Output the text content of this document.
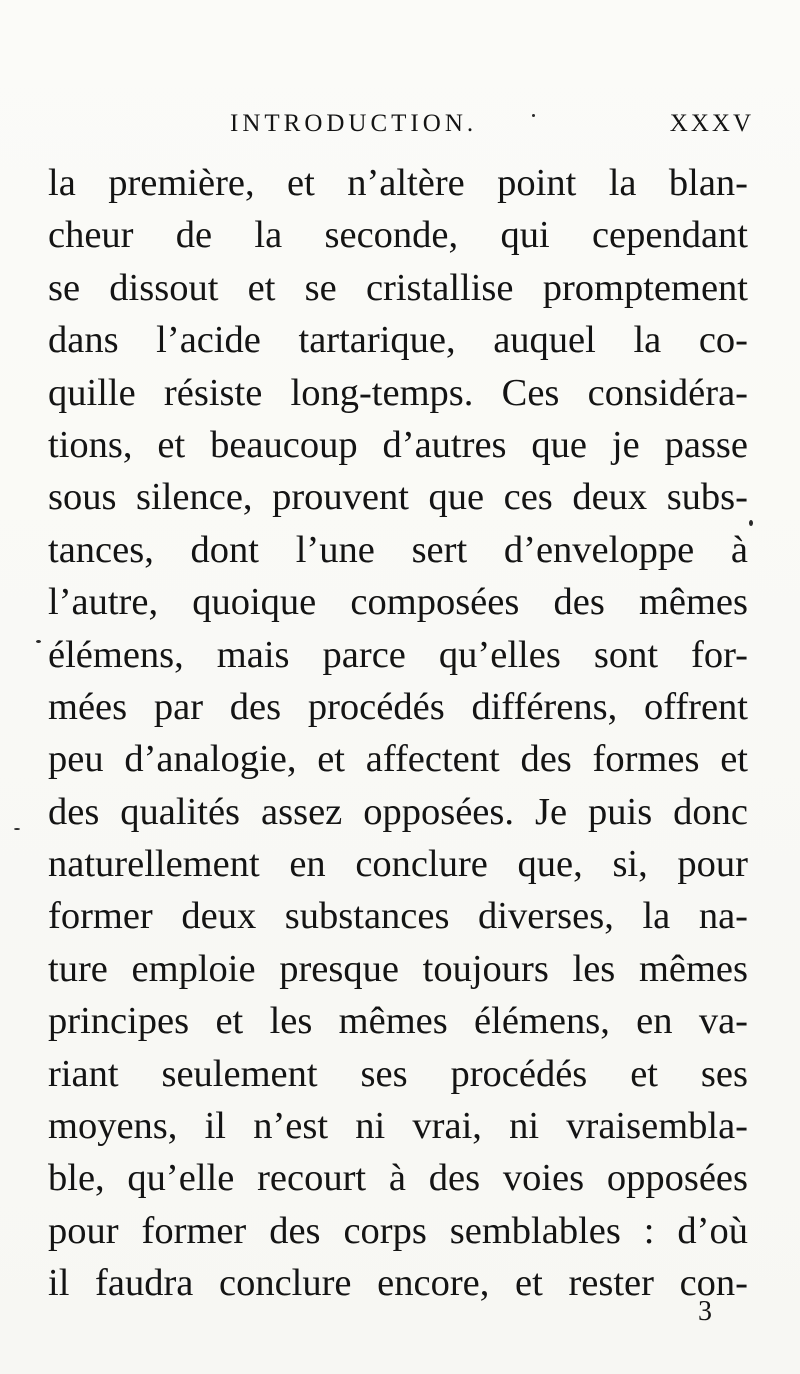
INTRODUCTION.	XXXV
la première, et n’altère point la blan-
cheur de la seconde, qui cependant
se dissout et se cristallise promptement
dans l’acide tartarique, auquel la co-
quille résiste long-temps. Ces considéra-
tions, et beaucoup d’autres que je passe
sous silence, prouvent que ces deux subs-
tances, dont l’une sert d’enveloppe à
l’autre, quoique composées des mêmes
élémens, mais parce qu’elles sont for-
mées par des procédés différens, offrent
peu d’analogie, et affectent des formes et
des qualités assez opposées. Je puis donc
naturellement en conclure que, si, pour
former deux substances diverses, la na-
ture emploie presque toujours les mêmes
principes et les mêmes élémens, en va-
riant seulement ses procédés et ses
moyens, il n’est ni vrai, ni vraisembla-
ble, qu’elle recourt à des voies opposées
pour former des corps semblables : d’où
il faudra conclure encore, et rester con-
3
